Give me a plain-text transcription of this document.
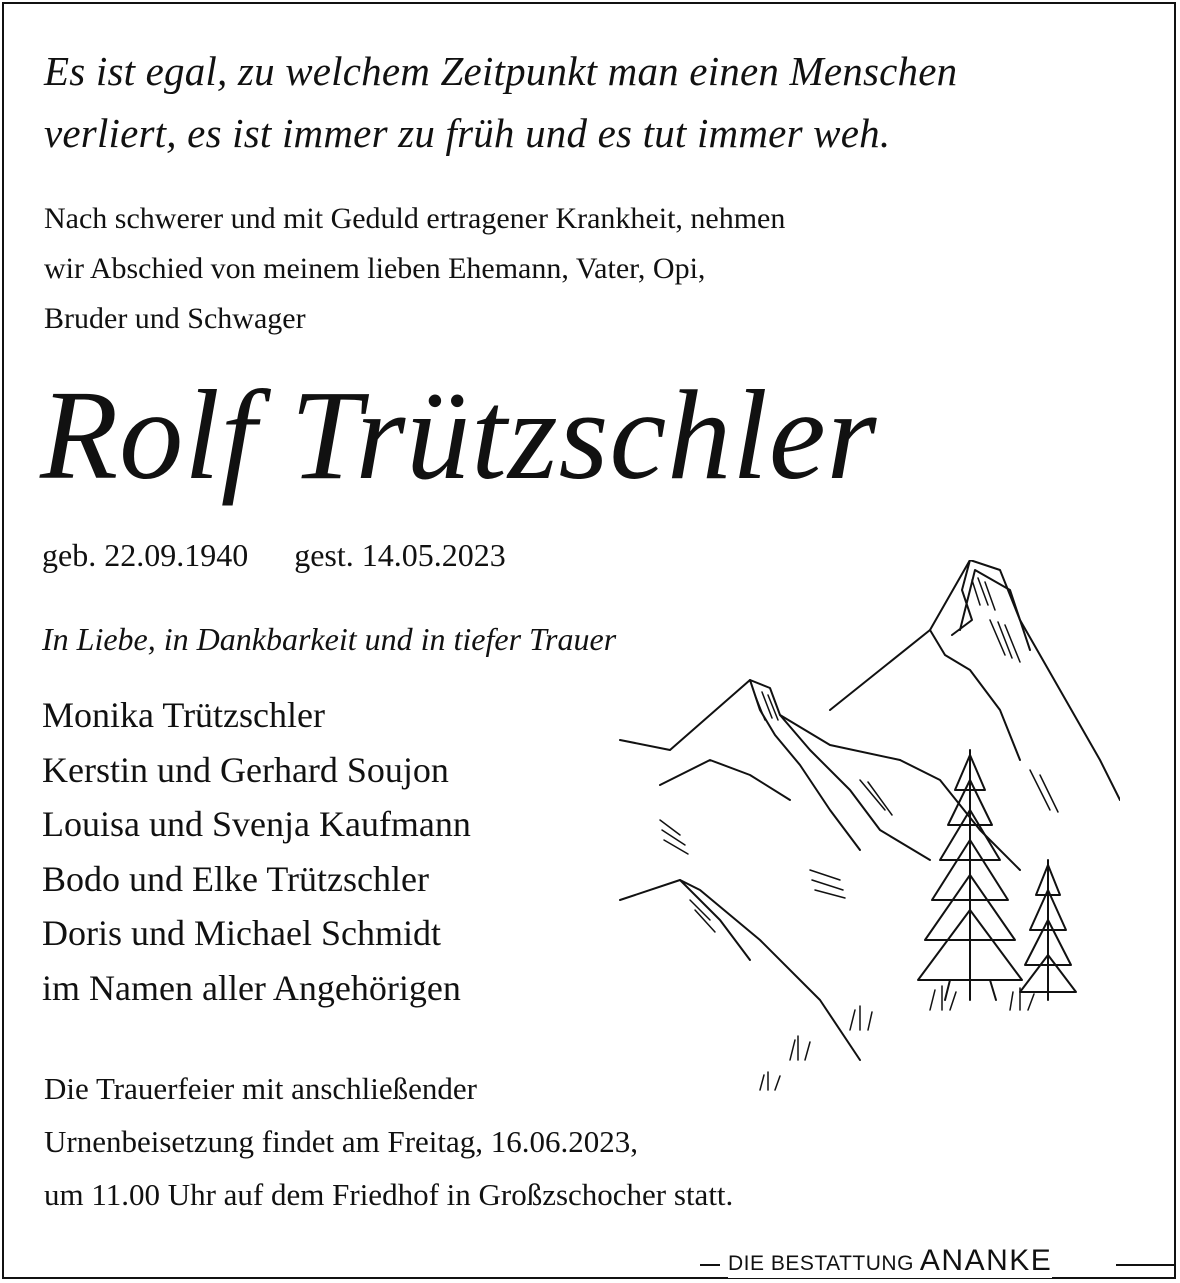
Es ist egal, zu welchem Zeitpunkt man einen Menschen
verliert, es ist immer zu früh und es tut immer weh.
Nach schwerer und mit Geduld ertragener Krankheit, nehmen
wir Abschied von meinem lieben Ehemann, Vater, Opi,
Bruder und Schwager
Rolf Trützschler
geb. 22.09.1940 gest. 14.05.2023
In Liebe, in Dankbarkeit und in tiefer Trauer
Monika Trützschler
Kerstin und Gerhard Soujon
Louisa und Svenja Kaufmann
Bodo und Elke Trützschler
Doris und Michael Schmidt
im Namen aller Angehörigen
Die Trauerfeier mit anschließender
Urnenbeisetzung findet am Freitag, 16.06.2023,
um 11.00 Uhr auf dem Friedhof in Großzschocher statt.
DIE BESTATTUNG ANANKE
